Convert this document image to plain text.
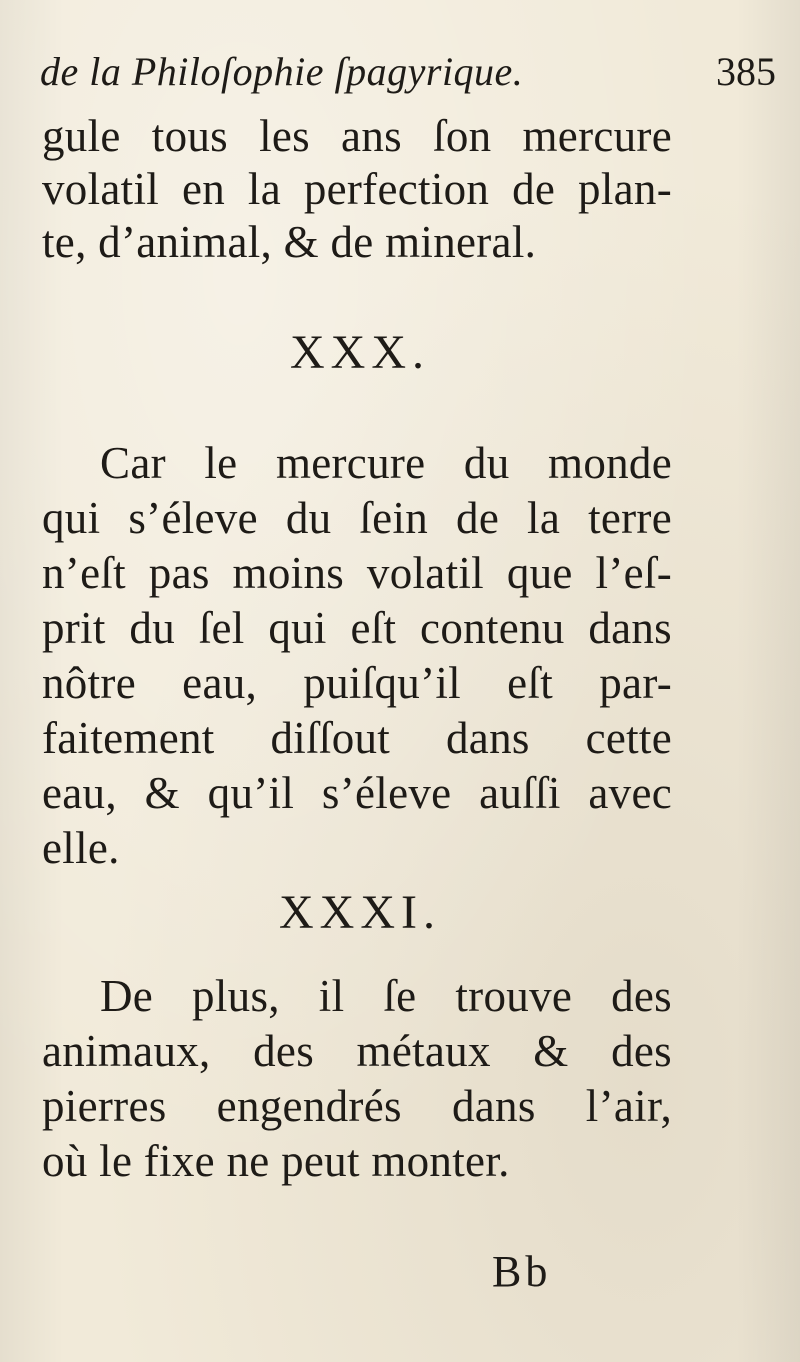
de la Philoſophie ſpagyrique.	385
gule tous les ans ſon mercure
volatil en la perfection de plan-
te, d’animal, & de mineral.
XXX.
Car le mercure du monde
qui s’éleve du ſein de la terre
n’eſt pas moins volatil que l’eſ-
prit du ſel qui eſt contenu dans
nôtre eau, puiſqu’il eſt par-
faitement diſſout dans cette
eau, & qu’il s’éleve auſſi avec
elle.
XXXI.
De plus, il ſe trouve des
animaux, des métaux & des
pierres engendrés dans l’air,
où le fixe ne peut monter.
Bb
